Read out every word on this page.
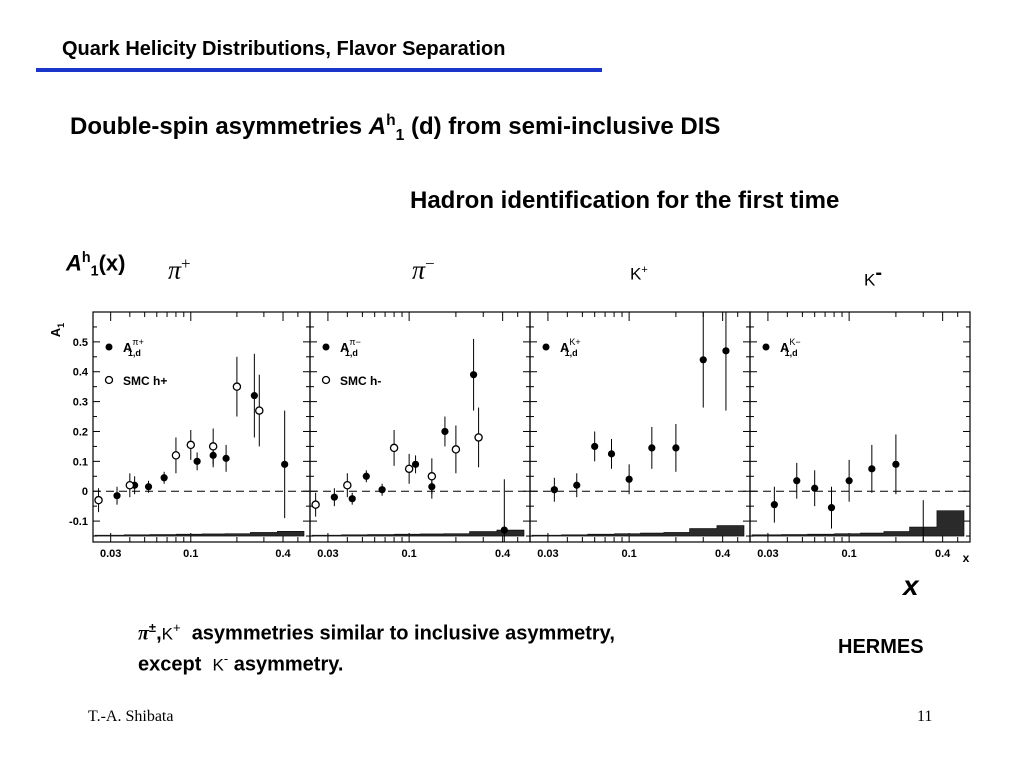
Quark Helicity Distributions, Flavor Separation
Double-spin asymmetries $A^h_1$ (d) from semi-inclusive DIS
Hadron identification for the first time
$A^h_1(x)$ π+	π−
K+
K-
$A_1$
0.5
0.4
0.3
0.2
0.1
0
-0.1
x
$A^{\pi+}$ 1,d
SMC h+
0.03	0.1	0.4
$A^{\pi-}$ 1,d
SMC h-
0.03	0.1	0.4
$A^{K+}$ 1,d
0.03	0.1	0.4
$A^{K-}$ 1,d
0.03	0.1	0.4
x
π±,K+ asymmetries similar to inclusive asymmetry,
except K- asymmetry.
HERMES
T.-A. Shibata	11
